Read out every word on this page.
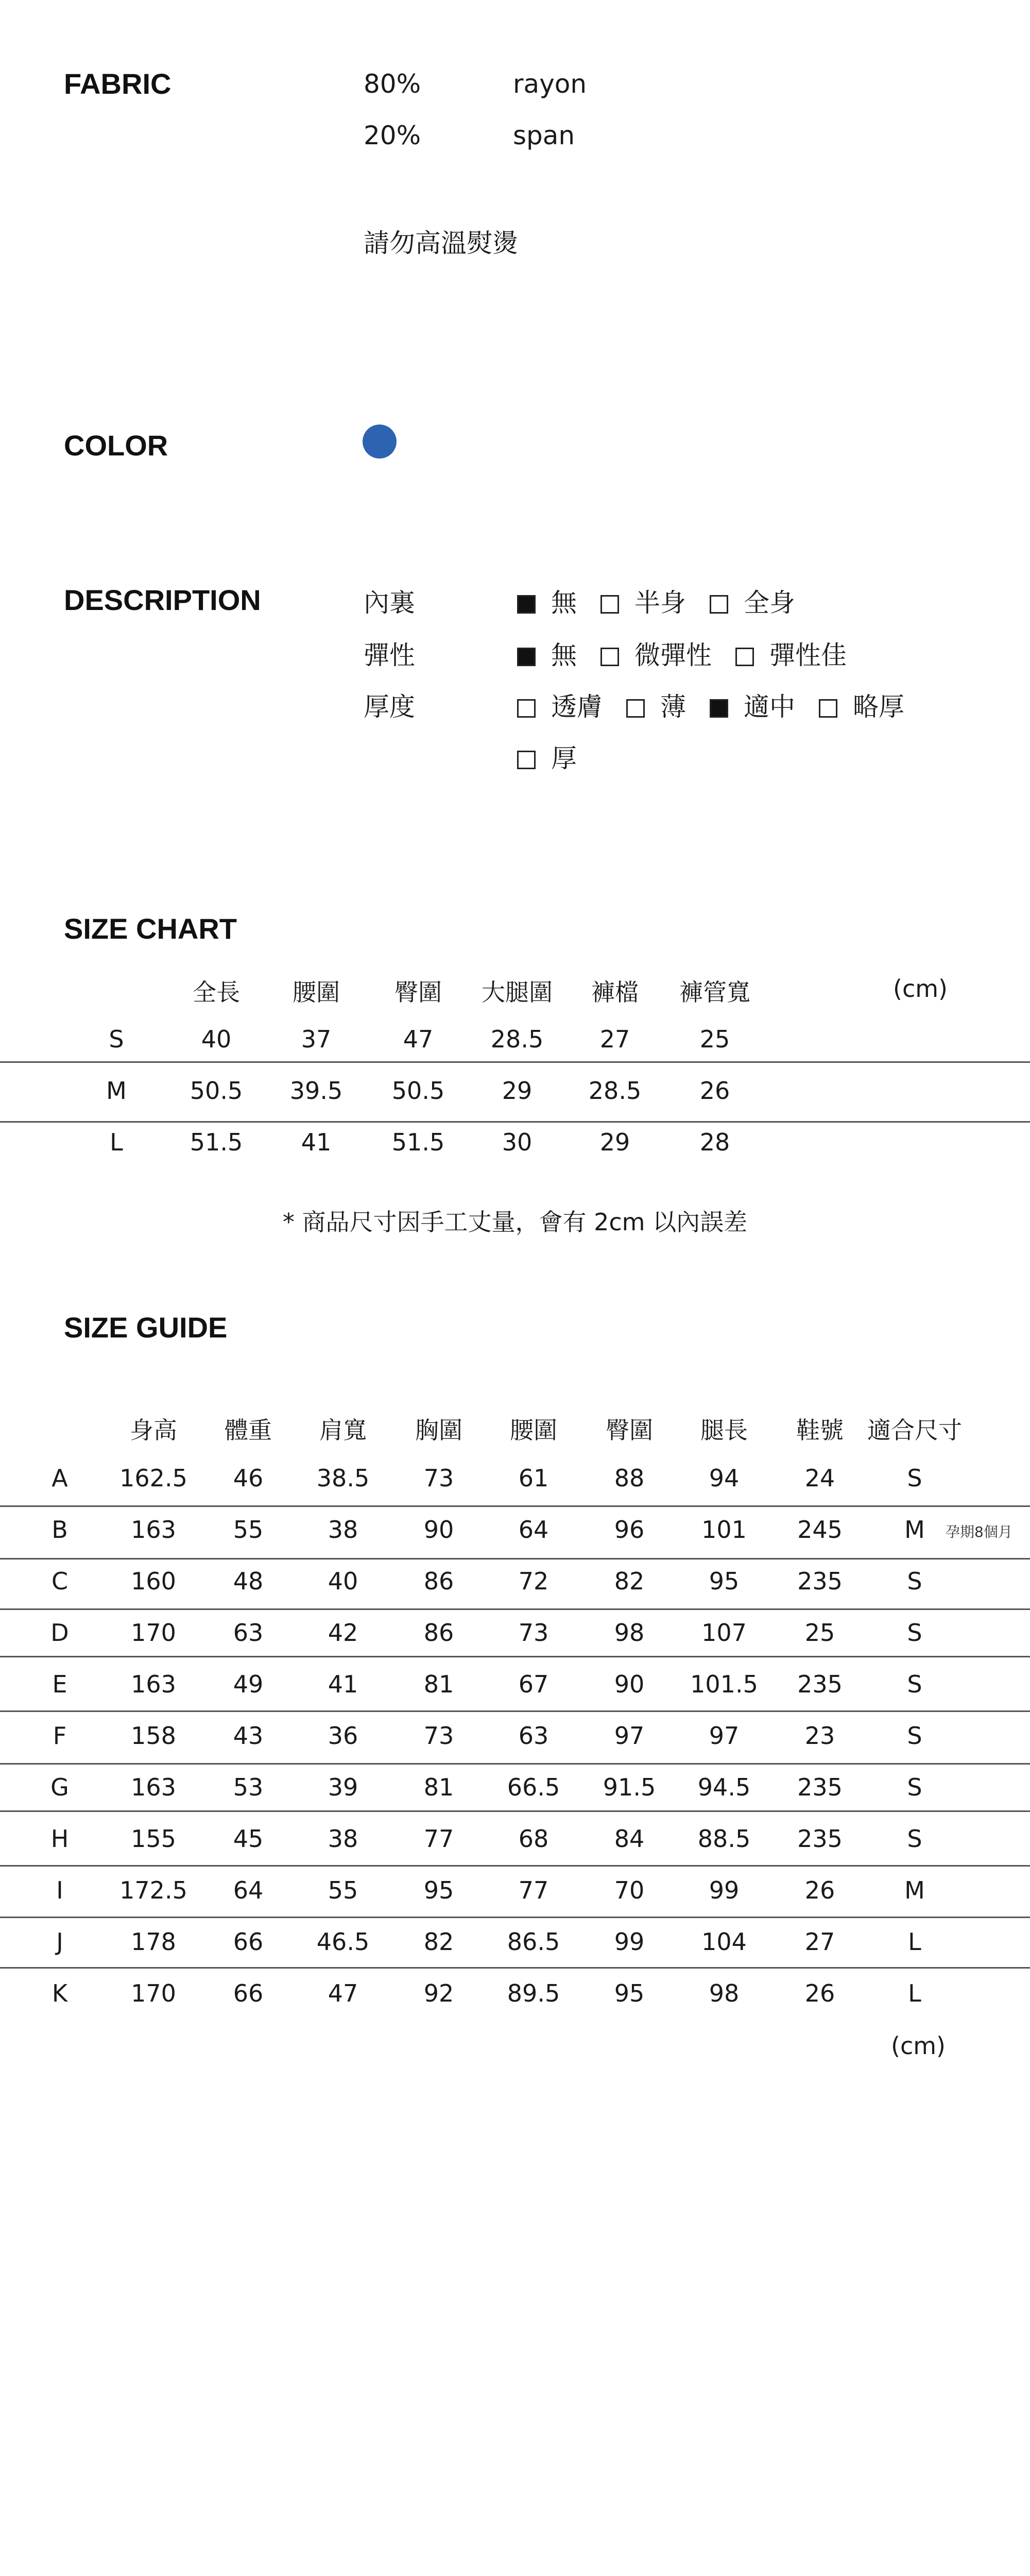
FABRIC	80%	rayon
20%	span
請勿高溫熨燙
COLOR
DESCRIPTION	內裏	無 半身 全身
彈性	無 微彈性 彈性佳
厚度	透膚 薄 適中 略厚
厚
SIZE CHART
(cm)
全長 腰圍 臀圍 大腿圍 褲檔 褲管寬
S	40	37	47 28.5 27	25
M	50.5 39.5 50.5 29 28.5 26
L	51.5 41	51.5 30	29	28
* 商品尺寸因手工丈量，會有 2cm 以內誤差
SIZE GUIDE
身高 體重 肩寬 胸圍 腰圍 臀圍 腿長 鞋號 適合尺寸
A 162.5 46 38.5 73	61	88	94	24	S
B	163 55	38	90	64	96 101 245	M 孕期8個月
C	160 48	40	86	72	82	95 235	S
D	170 63	42	86	73	98 107 25	S
E	163 49	41	81	67	90 101.5 235	S
F	158 43	36	73	63	97	97	23	S
G	163 53	39	81 66.5 91.5 94.5 235	S
H	155 45	38	77	68	84 88.5 235	S
I 172.5 64	55	95	77	70	99	26	M
J	178 66 46.5 82 86.5 99 104 27	L
K	170 66	47	92 89.5 95	98	26	L
(cm)
